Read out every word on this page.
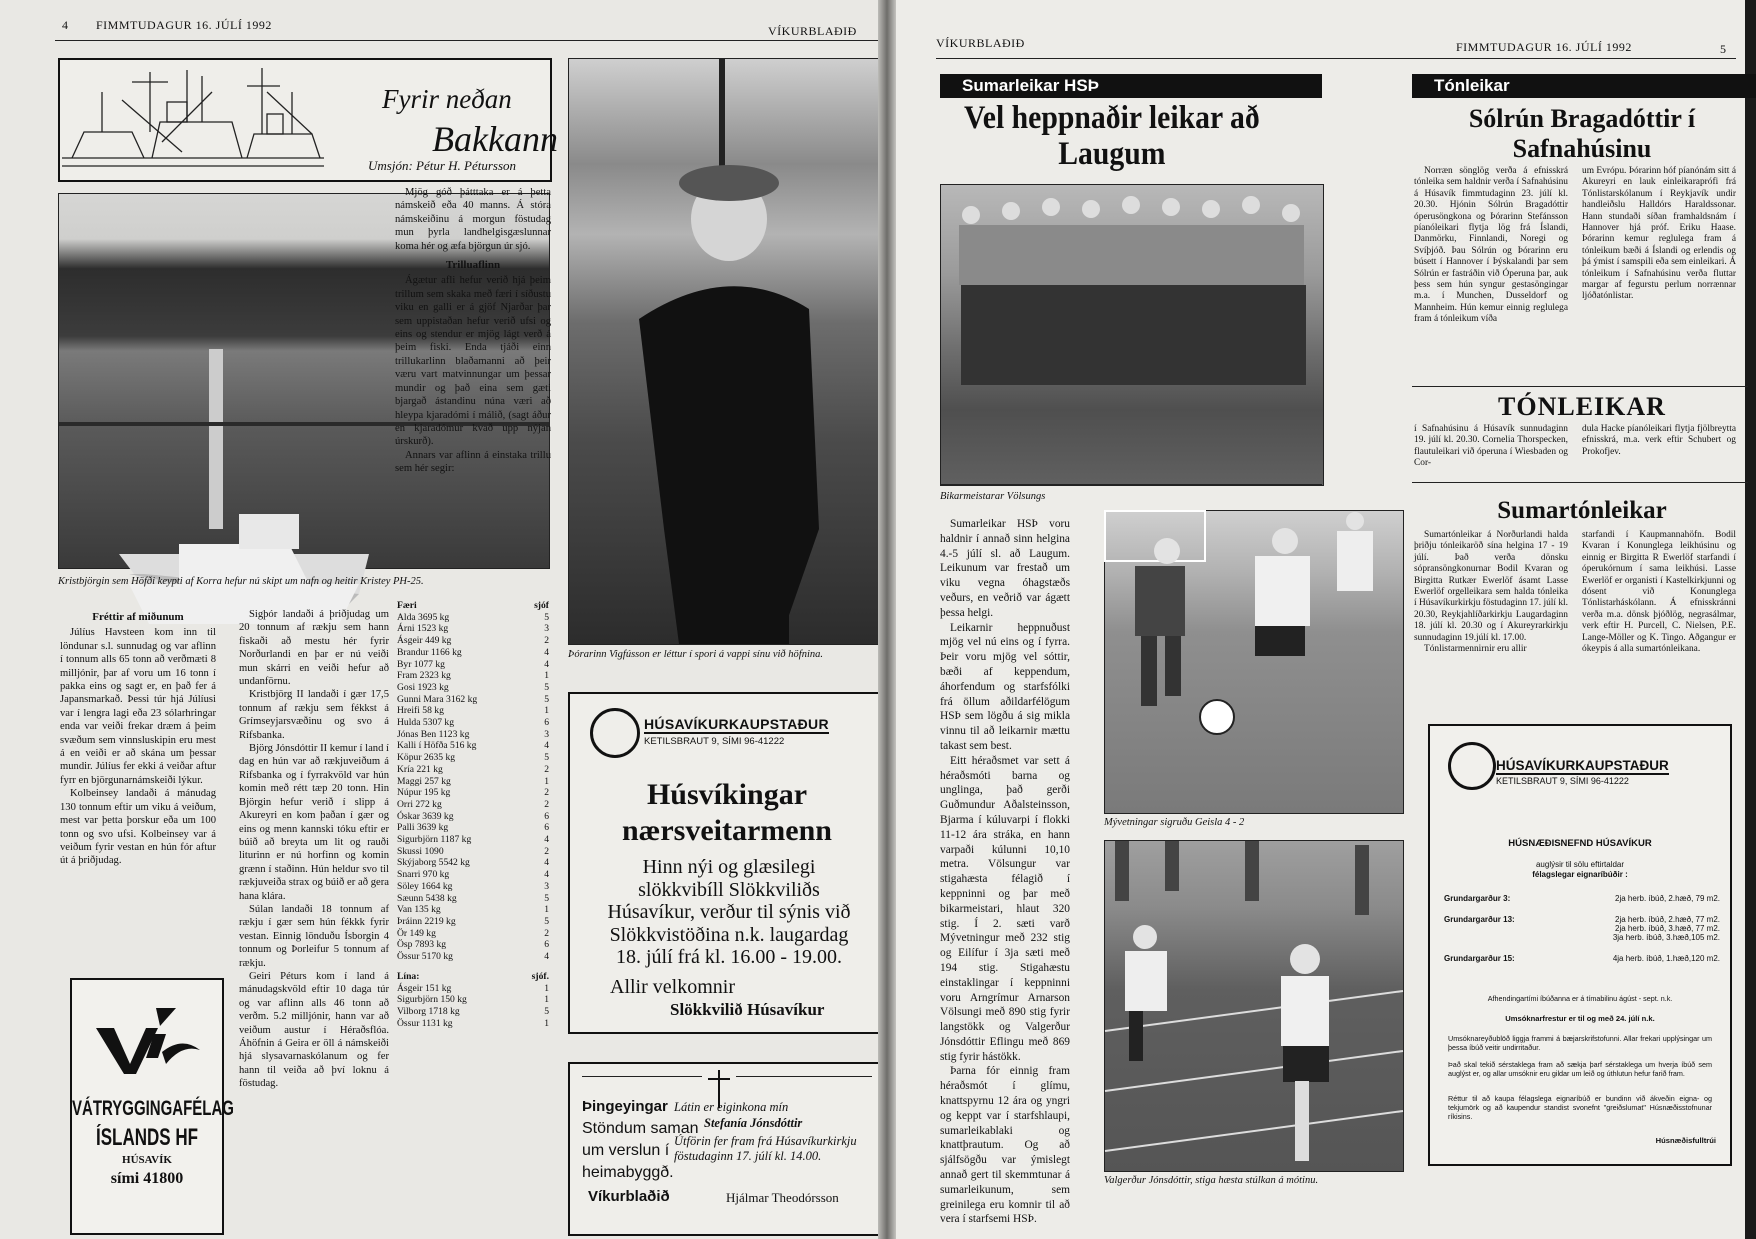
4 FIMMTUDAGUR 16. JÚLÍ 1992	VÍKURBLAÐIÐ
Fyrir neðan
Bakkann
Umsjón: Pétur H. Pétursson
Kristbjörgin sem Höfði keypti af Korra hefur nú skipt um nafn og heitir Kristey PH-25.
Þórarinn Vigfússon er léttur í spori á vappi sínu við höfnina.
Fréttir af miðunum

Júlíus Havsteen kom inn til löndunar s.l. sunnudag og var aflinn í tonnum alls 65 tonn að verðmæti 8 milljónir, þar af voru um 16 tonn í pakka eins og sagt er, en það fer á Japansmarkað. Þessi túr hjá Júlíusi var í lengra lagi eða 23 sólarhringar enda var veiði frekar dræm á þeim svæðum sem vinnsluskipin eru mest á en veiði er að skána um þessar mundir. Júlíus fer ekki á veiðar aftur fyrr en björgunarnámskeiði lýkur.

Kolbeinsey landaði á mánudag 130 tonnum eftir um viku á veiðum, mest var þetta þorskur eða um 100 tonn og svo ufsi. Kolbeinsey var á veiðum fyrir vestan en hún fór aftur út á þriðjudag.

Sigþór landaði á þriðjudag um 20 tonnum af rækju sem hann fiskaði að mestu hér fyrir Norðurlandi en þar er nú veiði mun skárri en veiði hefur að undanförnu.

Kristbjörg II landaði í gær 17,5 tonnum af rækju sem fékkst á Grímseyjarsvæðinu og svo á Rifsbanka.

Björg Jónsdóttir II kemur í land í dag en hún var að rækjuveiðum á Rifsbanka og í fyrrakvöld var hún komin með rétt tæp 20 tonn. Hin Björgin hefur verið í slipp á Akureyri en kom þaðan í gær og eins og menn kannski tóku eftir er búið að breyta um lit og rauði liturinn er nú horfinn og komin grænn í staðinn. Hún heldur svo til rækjuveiða strax og búið er að gera hana klára.

Súlan landaði 18 tonnum af rækju í gær sem hún fékkk fyrir vestan. Einnig lönduðu Ísborgin 4 tonnum og Þorleifur 5 tonnum af rækju.

Geiri Péturs kom í land á mánudagskvöld eftir 10 daga túr og var aflinn alls 46 tonn að verðm. 5.2 milljónir, hann var að veiðum austur í Héraðsflóa. Áhöfnin á Geira er öll á námskeiði hjá slysavarnaskólanum og fer hann til veiða að því loknu á föstudag.

Mjög góð þátttaka er á þetta námskeið eða 40 manns. Á stóra námskeiðinu á morgun föstudag mun þyrla landhelgisgæslunnar koma hér og æfa björgun úr sjó.

Trilluaflinn

Ágætur afli hefur verið hjá þeim trillum sem skaka með færi í síðustu viku en galli er á gjöf Njarðar þar sem uppistaðan hefur verið ufsi og eins og stendur er mjög lágt verð á þeim fiski. Enda tjáði einn trillukarlinn blaðamanni að þeir væru vart matvinnungar um þessar mundir og það eina sem gæti bjargað ástandinu núna væri að hleypa kjaradómi í málið, (sagt áður en kjaradómur kvað upp nýjan úrskurð).

Annars var aflinn á einstaka trillu sem hér segir:

Færi	sjóf
Alda 3695 kg	5
Árni 1523 kg	3
Ásgeir 449 kg	2
Brandur 1166 kg	4
Byr 1077 kg	4
Fram 2323 kg	1
Gosi 1923 kg	5
Gunni Mara 3162 kg	5
Hreifi 58 kg	1
Hulda 5307 kg	6
Jónas Ben 1123 kg	3
Kalli í Höfða 516 kg	4
Köpur 2635 kg	5
Kría 221 kg	2
Maggi 257 kg	1
Núpur 195 kg	2
Orri 272 kg	2
Óskar 3639 kg	6
Palli 3639 kg	6
Sigurbjörn 1187 kg	4
Skussi 1090	2
Skýjaborg 5542 kg	4
Snarri 970 kg	4
Söley 1664 kg	3
Sæunn 5438 kg	5
Van 135 kg	1
Þráinn 2219 kg	5
Ör 149 kg	2
Ösp 7893 kg	6
Össur 5170 kg	4
Lína:	sjóf.
Ásgeir 151 kg	1
Sigurbjörn 150 kg	1
Vilborg 1718 kg	5
Össur 1131 kg	1
VÁTRYGGINGAFÉLAG
ÍSLANDS HF
HÚSAVÍK
sími 41800
HÚSAVÍKURKAUPSTAÐUR
KETILSBRAUT 9, SÍMI 96-41222
Húsvíkingar
nærsveitarmenn
Hinn nýi og glæsilegi slökkvibíll Slökkviliðs Húsavíkur, verður til sýnis við Slökkvistöðina n.k. laugardag 18. júlí frá kl. 16.00 - 19.00.
Allir velkomnir
Slökkvilið Húsavíkur
Þingeyingar
Stöndum saman
um verslun í
heimabyggð.
Víkurblaðið
Látin er eiginkona mín
Stefanía Jónsdóttir
Útförin fer fram frá Húsavíkurkirkju föstudaginn 17. júlí kl. 14.00.
Hjálmar Theodórsson
VÍKURBLAÐIÐ	FIMMTUDAGUR 16. JÚLÍ 1992	5
Sumarleikar HSÞ
Vel heppnaðir leikar að Laugum
Bikarmeistarar Völsungs

Sumarleikar HSÞ voru haldnir í annað sinn helgina 4.-5 júlí sl. að Laugum. Leikunum var frestað um viku vegna óhagstæðs veðurs, en veðrið var ágætt þessa helgi.

Leikarnir heppnuðust mjög vel nú eins og í fyrra. Þeir voru mjög vel sóttir, bæði af keppendum, áhorfendum og starfsfólki frá öllum aðildarfélögum HSÞ sem lögðu á sig mikla vinnu til að leikarnir mættu takast sem best.

Eitt héraðsmet var sett á héraðsmóti barna og unglinga, það gerði Guðmundur Aðalsteinsson, Bjarma í kúluvarpi í flokki 11-12 ára stráka, en hann varpaði kúlunni 10,10 metra. Völsungur var stigahæsta félagið í keppninni og þar með bikarmeistari, hlaut 320 stig. Í 2. sæti varð Mývetningur með 232 stig og Eilífur í 3ja sæti með 194 stig. Stigahæstu einstaklingar í keppninni voru Arngrímur Arnarson Völsungi með 890 stig fyrir langstökk og Valgerður Jónsdóttir Eflingu með 869 stig fyrir hástökk.

Þarna fór einnig fram héraðsmót í glímu, knattspyrnu 12 ára og yngri og keppt var í starfshlaupi, sumarleikablaki og knattþrautum. Og að sjálfsögðu var ýmislegt annað gert til skemmtunar á sumarleikunum, sem greinilega eru komnir til að vera í starfsemi HSÞ.

Mývetningar sigruðu Geisla 4 - 2
Valgerður Jónsdóttir, stiga hæsta stúlkan á mótinu.
Tónleikar
Sólrún Bragadóttir í Safnahúsinu

Norræn sönglög verða á efnisskrá tónleika sem haldnir verða í Safnahúsinu á Húsavík fimmtudaginn 23. júlí kl. 20.30. Hjónin Sólrún Bragadóttir óperusöngkona og Þórarinn Stefánsson píanóleikari flytja lög frá Íslandi, Danmörku, Finnlandi, Noregi og Svíþjóð. Þau Sólrún og Þórarinn eru búsett í Hannover í Þýskalandi þar sem Sólrún er fastráðin við Óperuna þar, auk þess sem hún syngur gestasöngingar m.a. í Munchen, Dusseldorf og Mannheim. Hún kemur einnig reglulega fram á tónleikum víða

um Evrópu. Þórarinn hóf píanónám sitt á Akureyri en lauk einleikaraprófi frá Tónlistarskólanum í Reykjavík undir handleiðslu Halldórs Haraldssonar. Hann stundaði síðan framhaldsnám í Hannover hjá próf. Eriku Haase. Þórarinn kemur reglulega fram á tónleikum bæði á Íslandi og erlendis og þá ýmist í samspili eða sem einleikari. Á tónleikum í Safnahúsinu verða fluttar margar af fegurstu perlum norrænnar ljóðatónlistar.

TÓNLEIKAR

í Safnahúsinu á Húsavík sunnudaginn 19. júlí kl. 20.30. Cornelia Thorspecken, flautuleikari við óperuna í Wiesbaden og Cor-

dula Hacke píanóleikari flytja fjölbreytta efnisskrá, m.a. verk eftir Schubert og Prokofjev.

Sumartónleikar

Sumartónleikar á Norðurlandi halda þriðju tónleikaröð sína helgina 17 - 19 júlí. Það verða dönsku sópransöngkonurnar Bodil Kvaran og Birgitta Rutkær Ewerlöf ásamt Lasse Ewerlöf orgelleikara sem halda tónleika í Húsavíkurkirkju föstudaginn 17. júlí kl. 20.30, Reykjahlíðarkirkju Laugardaginn 18. júlí kl. 20.30 og í Akureyrarkirkju sunnudaginn 19.júlí kl. 17.00.

Tónlistarmennirnir eru allir

starfandi í Kaupmannahöfn. Bodil Kvaran í Konunglega leikhúsinu og einnig er Birgitta R Ewerlöf starfandi í óperukórnum í sama leikhúsi. Lasse Ewerlöf er organisti í Kastelkirkjunni og dósent við Konunglega Tónlistarháskólann. Á efnisskránni verða m.a. dönsk þjóðlög, negrasálmar, verk eftir H. Purcell, C. Nielsen, P.E. Lange-Möller og K. Tingo. Aðgangur er ókeypis á alla sumartónleikana.

HÚSAVÍKURKAUPSTAÐUR
KETILSBRAUT 9, SÍMI 96-41222
HÚSNÆÐISNEFND HÚSAVÍKUR
auglýsir til sölu eftirtaldar
félagslegar eignaríbúðir :
Grundargarður 3:	2ja herb. íbúð, 2.hæð, 79 m2.
Grundargarður 13:	2ja herb. íbúð, 2.hæð, 77 m2.
2ja herb. íbúð, 3.hæð, 77 m2.
3ja herb. íbúð, 3.hæð,105 m2.
Grundargarður 15:	4ja herb. íbúð, 1.hæð,120 m2.
Afhendingartími íbúðanna er á tímabilinu ágúst - sept. n.k.
Umsóknarfrestur er til og með 24. júlí n.k.
Umsóknareyðublöð liggja frammi á bæjarskrifstofunni. Allar frekari upplýsingar um þessa íbúð veitir undirritaður.
Það skal tekið sérstaklega fram að sækja þarf sérstaklega um hverja íbúð sem auglýst er, og allar umsóknir eru gildar um leið og úthlutun hefur farið fram.
Réttur til að kaupa félagslega eignaríbúð er bundinn við ákveðin eigna- og tekjumörk og að kaupendur standist svonefnt "greiðslumat" Húsnæðisstofnunar ríkisins.
Húsnæðisfulltrúi
